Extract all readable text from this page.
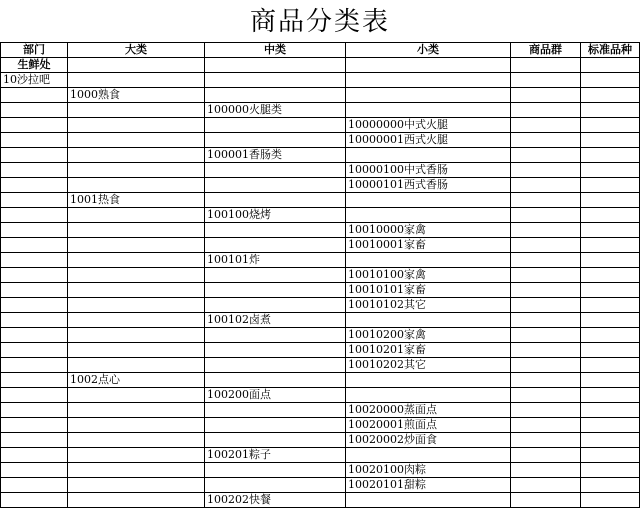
商品分类表
部门	大类	中类	小类	商品群	标准品种
生鲜处					
10沙拉吧					
	1000熟食				
		100000火腿类			
			10000000中式火腿		
			10000001西式火腿		
		100001香肠类			
			10000100中式香肠		
			10000101西式香肠		
	1001热食				
		100100烧烤			
			10010000家禽		
			10010001家畜		
		100101炸			
			10010100家禽		
			10010101家畜		
			10010102其它		
		100102卤煮			
			10010200家禽		
			10010201家畜		
			10010202其它		
	1002点心				
		100200面点			
			10020000蒸面点		
			10020001煎面点		
			10020002炒面食		
		100201粽子			
			10020100肉粽		
			10020101甜粽		
		100202快餐			
